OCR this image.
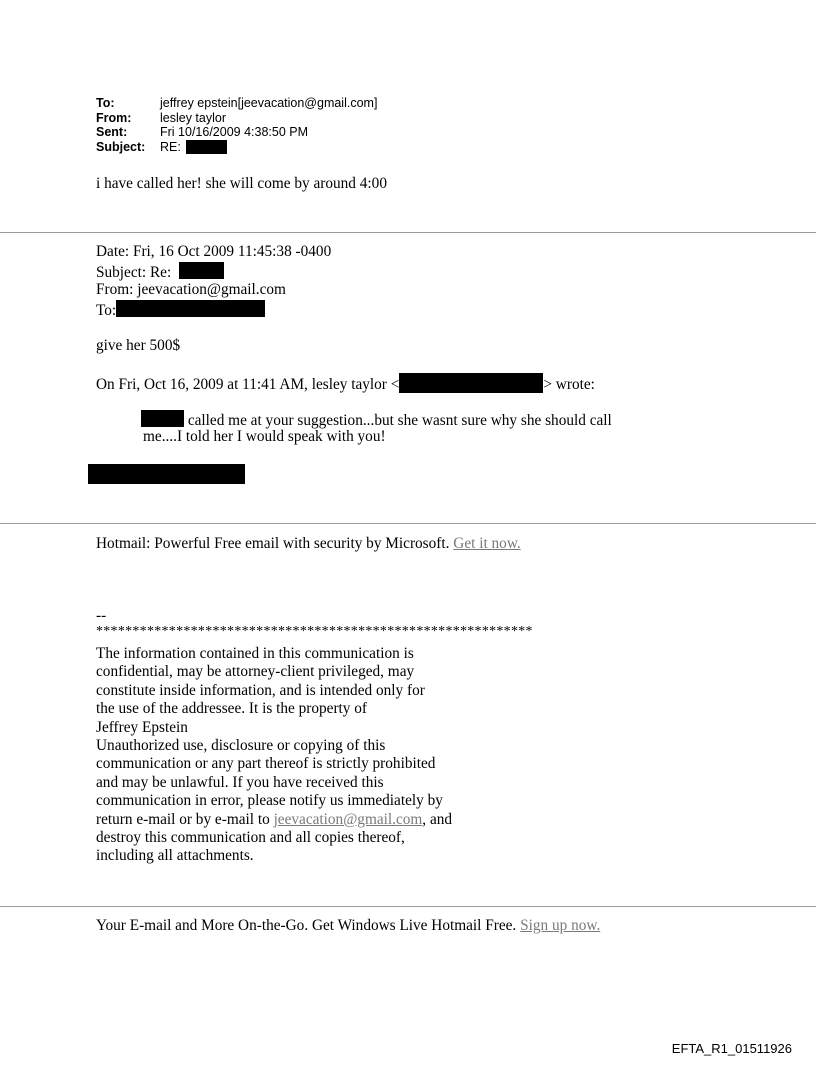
To:	jeffrey epstein[jeevacation@gmail.com]
From:	lesley taylor
Sent:	Fri 10/16/2009 4:38:50 PM
Subject:	RE:
i have called her! she will come by around 4:00
Date: Fri, 16 Oct 2009 11:45:38 -0400
Subject: Re:
From: jeevacation@gmail.com
To:
give her 500$
On Fri, Oct 16, 2009 at 11:41 AM, lesley taylor <	> wrote:
called me at your suggestion...but she wasnt sure why she should call
me....I told her I would speak with you!
Hotmail: Powerful Free email with security by Microsoft. Get it now.
--
************************************************************
The information contained in this communication is
confidential, may be attorney-client privileged, may
constitute inside information, and is intended only for
the use of the addressee. It is the property of
Jeffrey Epstein
Unauthorized use, disclosure or copying of this
communication or any part thereof is strictly prohibited
and may be unlawful. If you have received this
communication in error, please notify us immediately by
return e-mail or by e-mail to jeevacation@gmail.com, and
destroy this communication and all copies thereof,
including all attachments.
Your E-mail and More On-the-Go. Get Windows Live Hotmail Free. Sign up now.
EFTA_R1_01511926
